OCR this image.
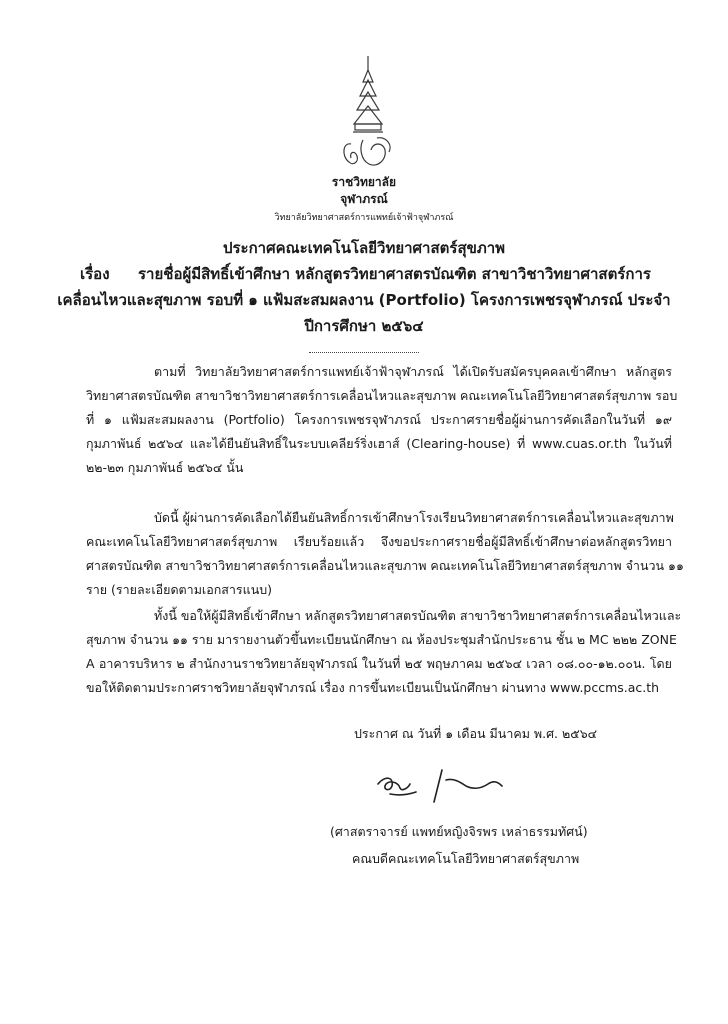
ราชวิทยาลัย
จุฬาภรณ์
วิทยาลัยวิทยาศาสตร์การแพทย์เจ้าฟ้าจุฬาภรณ์
ประกาศคณะเทคโนโลยีวิทยาศาสตร์สุขภาพ
เรื่อง รายชื่อผู้มีสิทธิ์เข้าศึกษา หลักสูตรวิทยาศาสตรบัณฑิต สาขาวิชาวิทยาศาสตร์การ
เคลื่อนไหวและสุขภาพ รอบที่ ๑ แฟ้มสะสมผลงาน (Portfolio) โครงการเพชรจุฬาภรณ์ ประจำ
ปีการศึกษา ๒๕๖๔
ตามที่ วิทยาลัยวิทยาศาสตร์การแพทย์เจ้าฟ้าจุฬาภรณ์ ได้เปิดรับสมัครบุคคลเข้าศึกษา หลักสูตร
วิทยาศาสตรบัณฑิต สาขาวิชาวิทยาศาสตร์การเคลื่อนไหวและสุขภาพ คณะเทคโนโลยีวิทยาศาสตร์สุขภาพ รอบ
ที่ ๑ แฟ้มสะสมผลงาน (Portfolio) โครงการเพชรจุฬาภรณ์ ประกาศรายชื่อผู้ผ่านการคัดเลือกในวันที่ ๑๙
กุมภาพันธ์ ๒๕๖๔ และได้ยืนยันสิทธิ์ในระบบเคลียร์ริ่งเฮาส์ (Clearing-house) ที่ www.cuas.or.th ในวันที่
๒๒-๒๓ กุมภาพันธ์ ๒๕๖๔ นั้น
บัดนี้ ผู้ผ่านการคัดเลือกได้ยืนยันสิทธิ์การเข้าศึกษาโรงเรียนวิทยาศาสตร์การเคลื่อนไหวและสุขภาพ
คณะเทคโนโลยีวิทยาศาสตร์สุขภาพ เรียบร้อยแล้ว จึงขอประกาศรายชื่อผู้มีสิทธิ์เข้าศึกษาต่อหลักสูตรวิทยา
ศาสตรบัณฑิต สาขาวิชาวิทยาศาสตร์การเคลื่อนไหวและสุขภาพ คณะเทคโนโลยีวิทยาศาสตร์สุขภาพ จำนวน ๑๑
ราย (รายละเอียดตามเอกสารแนบ)
ทั้งนี้ ขอให้ผู้มีสิทธิ์เข้าศึกษา หลักสูตรวิทยาศาสตรบัณฑิต สาขาวิชาวิทยาศาสตร์การเคลื่อนไหวและ
สุขภาพ จำนวน ๑๑ ราย มารายงานตัวขึ้นทะเบียนนักศึกษา ณ ห้องประชุมสำนักประธาน ชั้น ๒ MC ๒๒๒ ZONE
A อาคารบริหาร ๒ สำนักงานราชวิทยาลัยจุฬาภรณ์ ในวันที่ ๒๕ พฤษภาคม ๒๕๖๔ เวลา ๐๘.๐๐-๑๒.๐๐น. โดย
ขอให้ติดตามประกาศราชวิทยาลัยจุฬาภรณ์ เรื่อง การขึ้นทะเบียนเป็นนักศึกษา ผ่านทาง www.pccms.ac.th
ประกาศ ณ วันที่ ๑ เดือน มีนาคม พ.ศ. ๒๕๖๔
(ศาสตราจารย์ แพทย์หญิงจิรพร เหล่าธรรมทัศน์)
คณบดีคณะเทคโนโลยีวิทยาศาสตร์สุขภาพ
